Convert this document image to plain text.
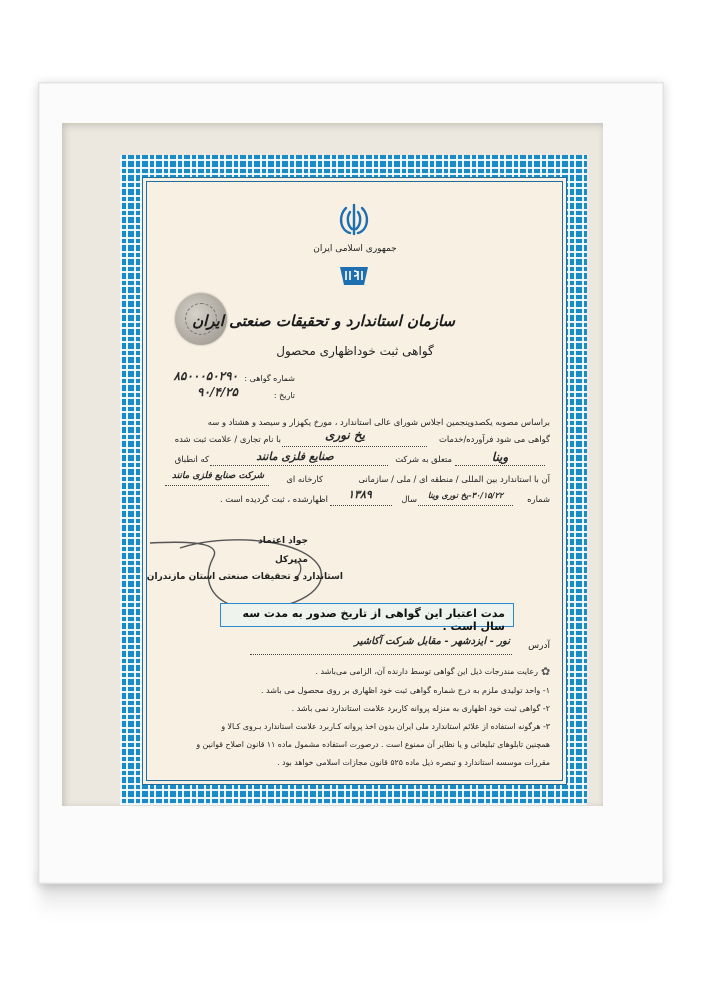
جمهوری اسلامی ایران
سازمان استاندارد و تحقیقات صنعتی ایران
گواهی ثبت خوداظهاری محصول
شماره گواهی :
۸۵۰۰۰۵۰۲۹۰
تاریخ :
۹۰/۴/۲۵
براساس مصوبه یکصدوپنجمین اجلاس شورای عالی استاندارد ، مورخ یکهزار و سیصد و هشتاد و سه
گواهی می شود فرآورده/خدمات
یخ نوری
با نام تجاری / علامت ثبت شده
وینا
متعلق به شرکت
صنایع فلزی مانند
که انطباق
آن با استاندارد بین المللی / منطقه ای / ملی / سازمانی
کارخانه ای
شرکت صنایع فلزی مانند
شماره
۳۰/۱۵/۲۲-یخ نوری وینا
سال
۱۳۸۹
اظهارشده ، ثبت گردیده است .
جواد اعتماد
مدیرکل
استاندارد و تحقیقات صنعتی استان مازندران
مدت اعتبار این گواهی از تاریخ صدور به مدت سه سال است .
آدرس
نور - ایزدشهر - مقابل شرکت آکاشیر
✿
رعایت مندرجات ذیل این گواهی توسط دارنده آن، الزامی می‌باشد .
۱- واحد تولیدی ملزم به درج شماره گواهی ثبت خود اظهاری بر روی محصول می باشد .
۲- گواهی ثبت خود اظهاری به منزله پروانه کاربرد علامت استاندارد نمی باشد .
۳- هرگونه استفاده از علائم استاندارد ملی ایران بدون اخذ پروانه کـاربرد علامت استاندارد بـروی کـالا و
همچنین تابلوهای تبلیغاتی و یا نظایر آن ممنوع است . درصورت استفاده مشمول ماده ۱۱ قانون اصلاح قوانین و
مقررات موسسه استاندارد و تبصره ذیل ماده ۵۲۵ قانون مجازات اسلامی خواهد بود .
